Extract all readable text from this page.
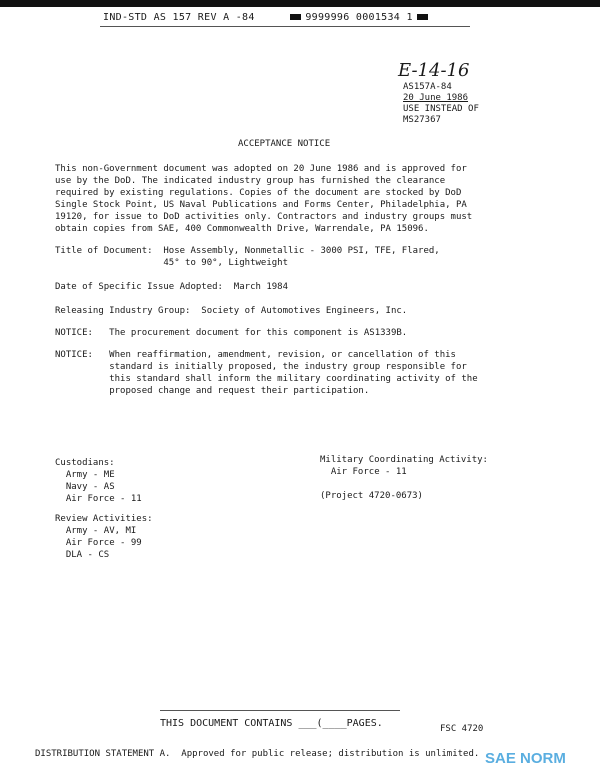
IND-STD AS 157 REV A -84	9999996 0001534 1
E-14-16
AS157A-84
20 June 1986
USE INSTEAD OF
MS27367
ACCEPTANCE NOTICE
This non-Government document was adopted on 20 June 1986 and is approved for
use by the DoD. The indicated industry group has furnished the clearance
required by existing regulations. Copies of the document are stocked by DoD
Single Stock Point, US Naval Publications and Forms Center, Philadelphia, PA
19120, for issue to DoD activities only. Contractors and industry groups must
obtain copies from SAE, 400 Commonwealth Drive, Warrendale, PA 15096.
Title of Document:  Hose Assembly, Nonmetallic - 3000 PSI, TFE, Flared,
45° to 90°, Lightweight
Date of Specific Issue Adopted:  March 1984
Releasing Industry Group:  Society of Automotives Engineers, Inc.
NOTICE:   The procurement document for this component is AS1339B.
NOTICE:   When reaffirmation, amendment, revision, or cancellation of this
standard is initially proposed, the industry group responsible for
this standard shall inform the military coordinating activity of the
proposed change and request their participation.
Custodians:
Army - ME
Navy - AS
Air Force - 11
Review Activities:
Army - AV, MI
Air Force - 99
DLA - CS
Military Coordinating Activity:
Air Force - 11

(Project 4720-0673)
THIS DOCUMENT CONTAINS ___(____PAGES.	FSC 4720
DISTRIBUTION STATEMENT A.  Approved for public release; distribution is unlimited. SAE NORM
